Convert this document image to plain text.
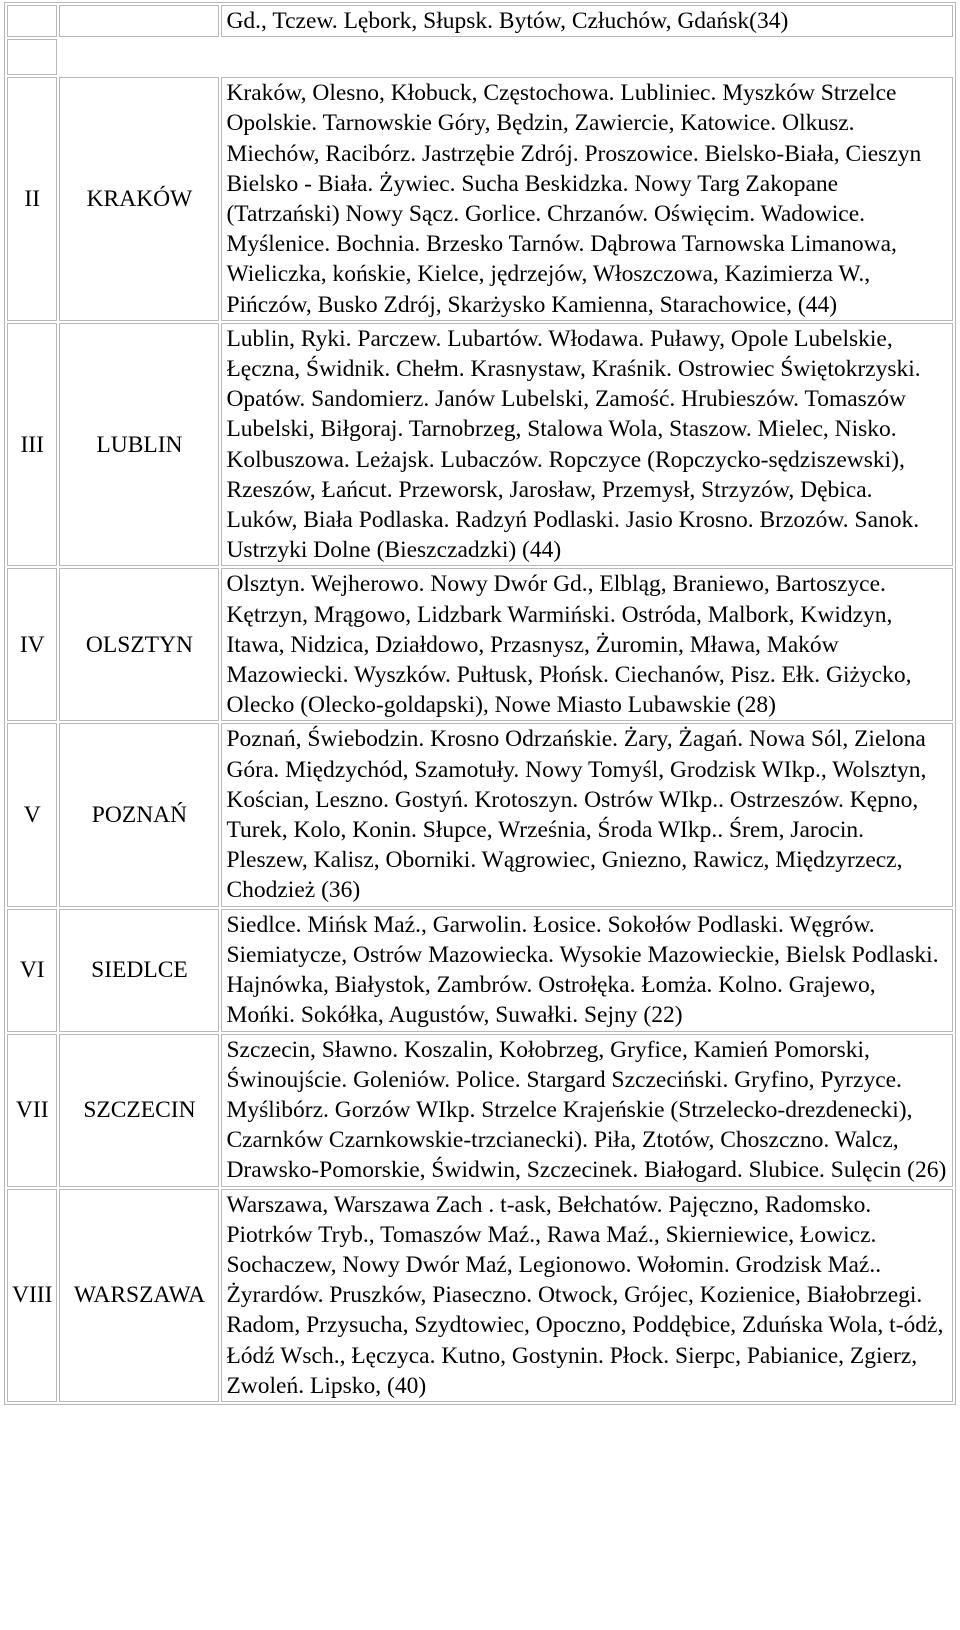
		Gd., Tczew. Lębork, Słupsk. Bytów, Człuchów, Gdańsk(34)

II	KRAKÓW	Kraków, Olesno, Kłobuck, Częstochowa. Lubliniec. Myszków Strzelce Opolskie. Tarnowskie Góry, Będzin, Zawiercie, Katowice. Olkusz. Miechów, Racibórz. Jastrzębie Zdrój. Proszowice. Bielsko-Biała, Cieszyn Bielsko - Biała. Żywiec. Sucha Beskidzka. Nowy Targ Zakopane (Tatrzański) Nowy Sącz. Gorlice. Chrzanów. Oświęcim. Wadowice. Myślenice. Bochnia. Brzesko Tarnów. Dąbrowa Tarnowska Limanowa, Wieliczka, końskie, Kielce, jędrzejów, Włoszczowa, Kazimierza W., Pińczów, Busko Zdrój, Skarżysko Kamienna, Starachowice, (44)
III	LUBLIN	Lublin, Ryki. Parczew. Lubartów. Włodawa. Puławy, Opole Lubelskie, Łęczna, Świdnik. Chełm. Krasnystaw, Kraśnik. Ostrowiec Świętokrzyski. Opatów. Sandomierz. Janów Lubelski, Zamość. Hrubieszów. Tomaszów Lubelski, Biłgoraj. Tarnobrzeg, Stalowa Wola, Staszow. Mielec, Nisko. Kolbuszowa. Leżajsk. Lubaczów. Ropczyce (Ropczycko-sędziszewski), Rzeszów, Łańcut. Przeworsk, Jarosław, Przemysł, Strzyzów, Dębica. Luków, Biała Podlaska. Radzyń Podlaski. Jasio Krosno. Brzozów. Sanok. Ustrzyki Dolne (Bieszczadzki) (44)
IV	OLSZTYN	Olsztyn. Wejherowo. Nowy Dwór Gd., Elbląg, Braniewo, Bartoszyce. Kętrzyn, Mrągowo, Lidzbark Warmiński. Ostróda, Malbork, Kwidzyn, Itawa, Nidzica, Działdowo, Przasnysz, Żuromin, Mława, Maków Mazowiecki. Wyszków. Pułtusk, Płońsk. Ciechanów, Pisz. Ełk. Giżycko, Olecko (Olecko-goldapski), Nowe Miasto Lubawskie (28)
V	POZNAŃ	Poznań, Świebodzin. Krosno Odrzańskie. Żary, Żagań. Nowa Sól, Zielona Góra. Międzychód, Szamotuły. Nowy Tomyśl, Grodzisk WIkp., Wolsztyn, Kościan, Leszno. Gostyń. Krotoszyn. Ostrów WIkp.. Ostrzeszów. Kępno, Turek, Kolo, Konin. Słupce, Września, Środa WIkp.. Śrem, Jarocin. Pleszew, Kalisz, Oborniki. Wągrowiec, Gniezno, Rawicz, Międzyrzecz, Chodzież (36)
VI	SIEDLCE	Siedlce. Mińsk Maź., Garwolin. Łosice. Sokołów Podlaski. Węgrów. Siemiatycze, Ostrów Mazowiecka. Wysokie Mazowieckie, Bielsk Podlaski. Hajnówka, Białystok, Zambrów. Ostrołęka. Łomża. Kolno. Grajewo, Mońki. Sokółka, Augustów, Suwałki. Sejny (22)
VII	SZCZECIN	Szczecin, Sławno. Koszalin, Kołobrzeg, Gryfice, Kamień Pomorski, Świnoujście. Goleniów. Police. Stargard Szczeciński. Gryfino, Pyrzyce. Myślibórz. Gorzów WIkp. Strzelce Krajeńskie (Strzelecko-drezdenecki), Czarnków Czarnkowskie-trzcianecki). Piła, Ztotów, Choszczno. Walcz, Drawsko-Pomorskie, Świdwin, Szczecinek. Białogard. Slubice. Sulęcin (26)
VIII	WARSZAWA	Warszawa, Warszawa Zach . t-ask, Bełchatów. Pajęczno, Radomsko. Piotrków Tryb., Tomaszów Maź., Rawa Maź., Skierniewice, Łowicz. Sochaczew, Nowy Dwór Maź, Legionowo. Wołomin. Grodzisk Maź.. Żyrardów. Pruszków, Piaseczno. Otwock, Grójec, Kozienice, Białobrzegi. Radom, Przysucha, Szydtowiec, Opoczno, Poddębice, Zduńska Wola, t-ódż, Łódź Wsch., Łęczyca. Kutno, Gostynin. Płock. Sierpc, Pabianice, Zgierz, Zwoleń. Lipsko, (40)
